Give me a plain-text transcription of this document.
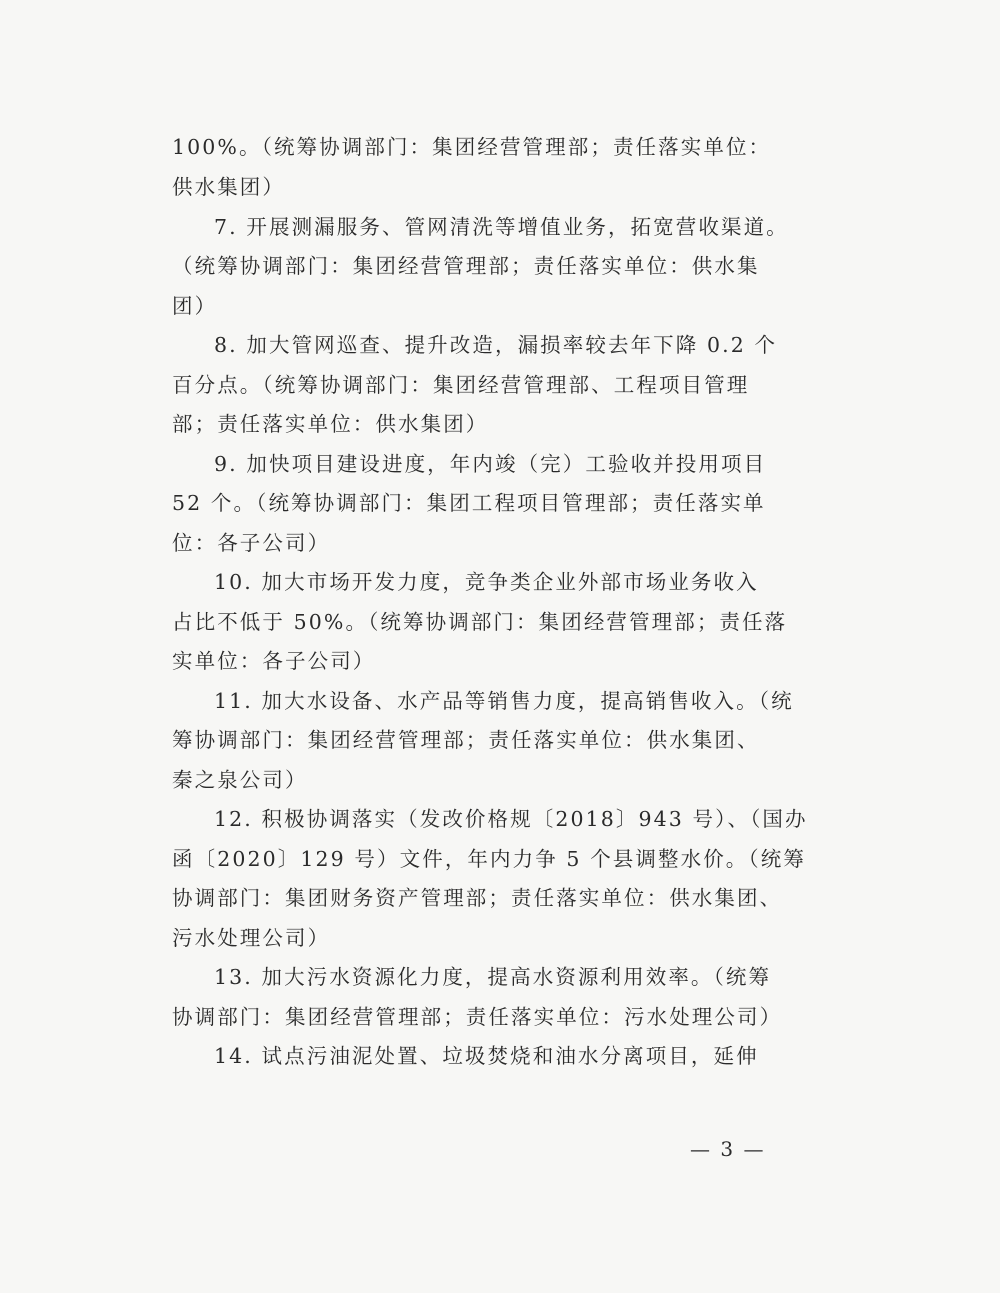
100%。（统筹协调部门：集团经营管理部；责任落实单位：
供水集团）
7. 开展测漏服务、管网清洗等增值业务，拓宽营收渠道。
（统筹协调部门：集团经营管理部；责任落实单位：供水集
团）
8. 加大管网巡查、提升改造，漏损率较去年下降 0.2 个
百分点。（统筹协调部门：集团经营管理部、工程项目管理
部；责任落实单位：供水集团）
9. 加快项目建设进度，年内竣（完）工验收并投用项目
52 个。（统筹协调部门：集团工程项目管理部；责任落实单
位：各子公司）
10. 加大市场开发力度，竞争类企业外部市场业务收入
占比不低于 50%。（统筹协调部门：集团经营管理部；责任落
实单位：各子公司）
11. 加大水设备、水产品等销售力度，提高销售收入。（统
筹协调部门：集团经营管理部；责任落实单位：供水集团、
秦之泉公司）
12. 积极协调落实（发改价格规〔2018〕943 号）、（国办
函〔2020〕129 号）文件，年内力争 5 个县调整水价。（统筹
协调部门：集团财务资产管理部；责任落实单位：供水集团、
污水处理公司）
13. 加大污水资源化力度，提高水资源利用效率。（统筹
协调部门：集团经营管理部；责任落实单位：污水处理公司）
14. 试点污油泥处置、垃圾焚烧和油水分离项目，延伸
— 3 —
